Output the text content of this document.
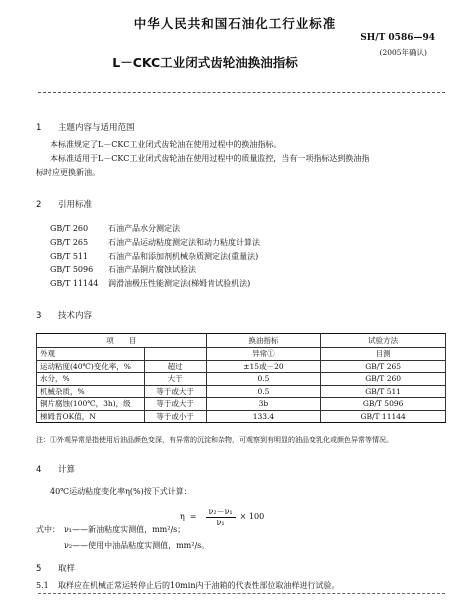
中华人民共和国石油化工行业标准
SH/T 0586—94
(2005年确认)
L－CKC工业闭式齿轮油换油指标
1 主题内容与适用范围
本标准规定了L－CKC工业闭式齿轮油在使用过程中的换油指标。
本标准适用于L－CKC工业闭式齿轮油在使用过程中的质量监控，当有一项指标达到换油指
标时应更换新油。
2 引用标准
GB/T 260 石油产品水分测定法
GB/T 265 石油产品运动粘度测定法和动力粘度计算法
GB/T 511 石油产品和添加剂机械杂质测定法(重量法)
GB/T 5096 石油产品铜片腐蚀试验法
GB/T 11144 润滑油极压性能测定法(梯姆肯试验机法)
3 技术内容
项　　目		换油指标	试验方法
外观		异常①	目测
运动粘度(40℃)变化率，%	超过	±15或－20	GB/T 265
水分，%	大于	0.5	GB/T 260
机械杂质，%	等于或大于	0.5	GB/T 511
铜片腐蚀(100℃，3h)，级	等于或大于	3b	GB/T 5096
梯姆肯OK值，N	等于或小于	133.4	GB/T 11144
注：①外观异常是指使用后油品颜色变深，有异常的沉淀和杂物，可观察到有明显的油品变乳化或颜色异常等情况。
4 计算
40℃运动粘度变化率η(%)按下式计算：
$\eta = \frac{\text{ν₂－ν₁}}{\text{ν₁}} \times 100$
式中： ν₁——新油粘度实测值，mm²/s；
ν₂——使用中油品粘度实测值，mm²/s。
5 取样
5.1 取样应在机械正常运转停止后的10min内于油箱的代表性部位取油样进行试验。
